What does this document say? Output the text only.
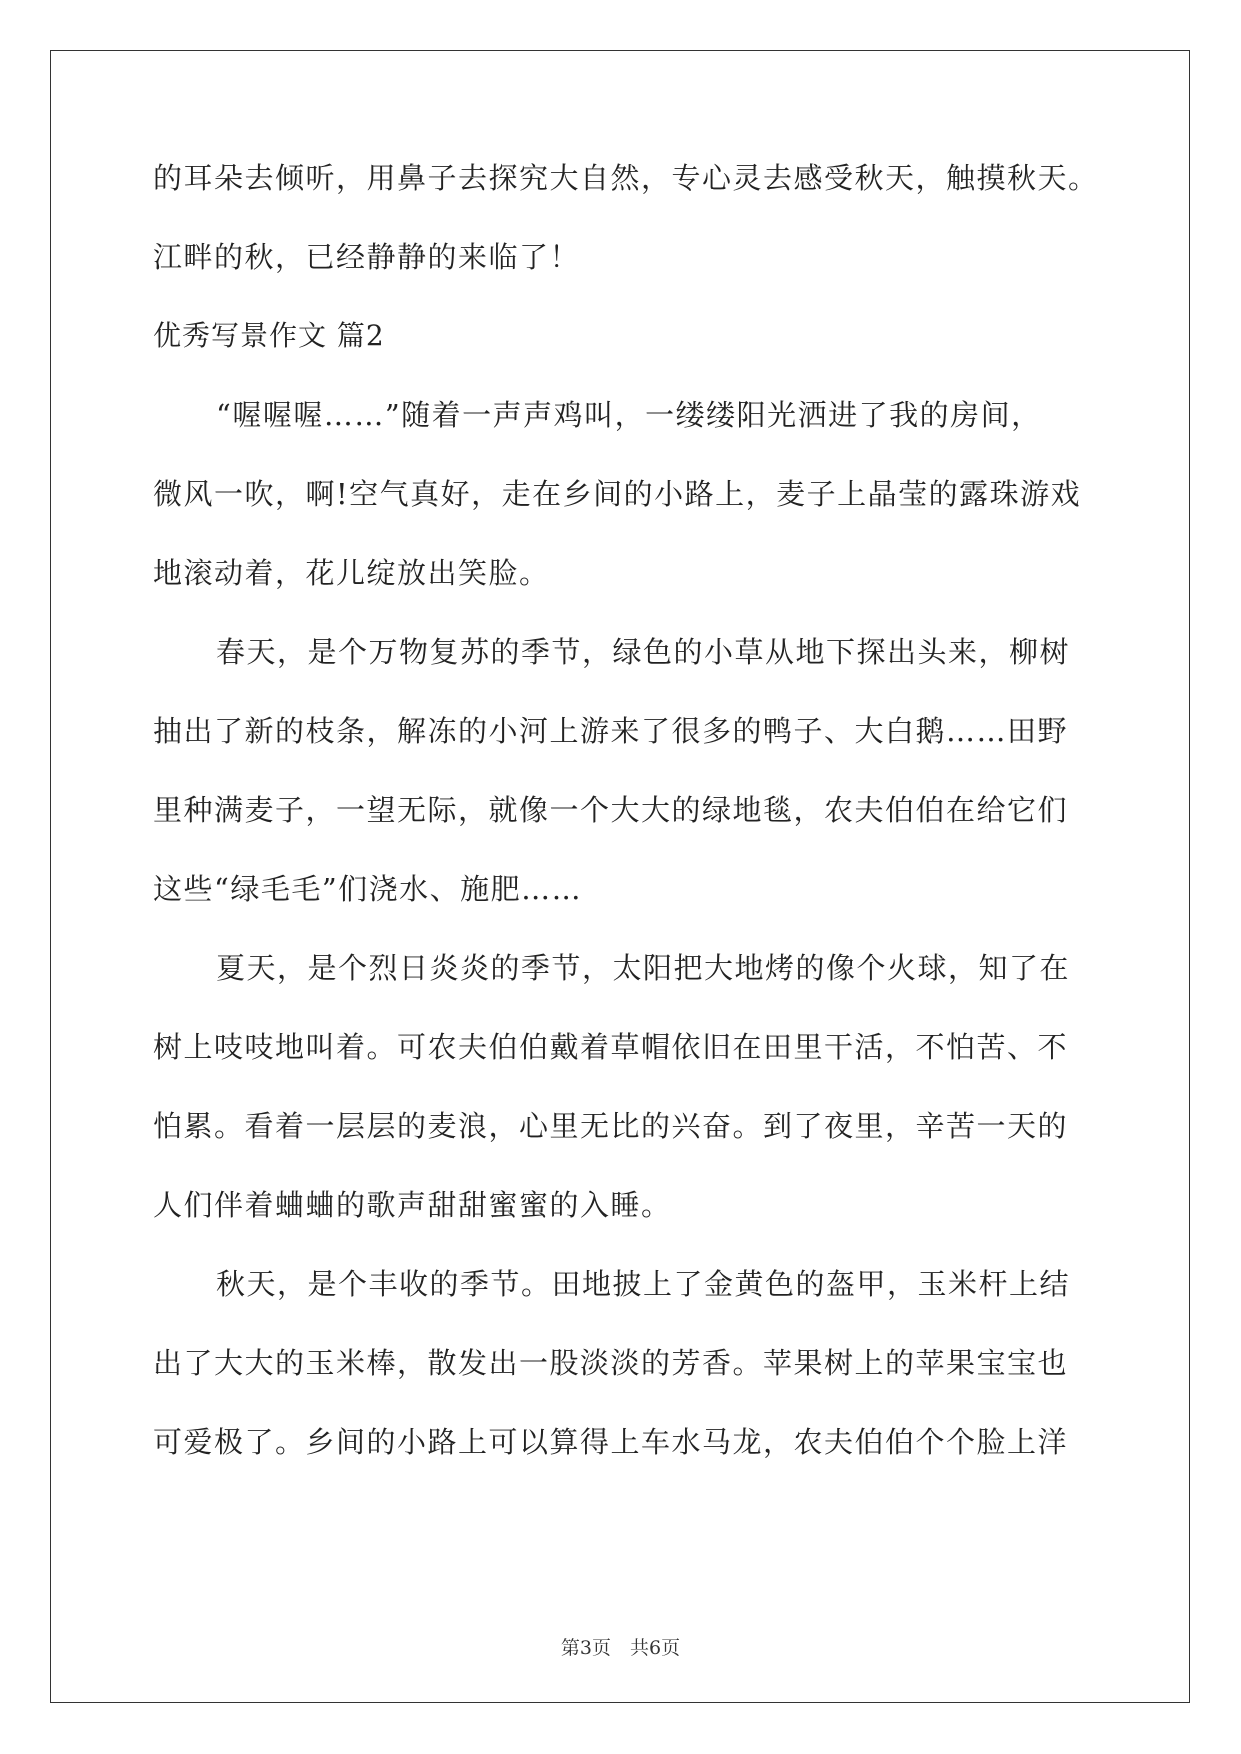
的耳朵去倾听，用鼻子去探究大自然，专心灵去感受秋天，触摸秋天。
江畔的秋，已经静静的来临了！
优秀写景作文 篇2
“喔喔喔……”随着一声声鸡叫，一缕缕阳光洒进了我的房间，
微风一吹，啊!空气真好，走在乡间的小路上，麦子上晶莹的露珠游戏
地滚动着，花儿绽放出笑脸。
春天，是个万物复苏的季节，绿色的小草从地下探出头来，柳树
抽出了新的枝条，解冻的小河上游来了很多的鸭子、大白鹅……田野
里种满麦子，一望无际，就像一个大大的绿地毯，农夫伯伯在给它们
这些“绿毛毛”们浇水、施肥……
夏天，是个烈日炎炎的季节，太阳把大地烤的像个火球，知了在
树上吱吱地叫着。可农夫伯伯戴着草帽依旧在田里干活，不怕苦、不
怕累。看着一层层的麦浪，心里无比的兴奋。到了夜里，辛苦一天的
人们伴着蛐蛐的歌声甜甜蜜蜜的入睡。
秋天，是个丰收的季节。田地披上了金黄色的盔甲，玉米杆上结
出了大大的玉米棒，散发出一股淡淡的芳香。苹果树上的苹果宝宝也
可爱极了。乡间的小路上可以算得上车水马龙，农夫伯伯个个脸上洋
第3页　共6页
